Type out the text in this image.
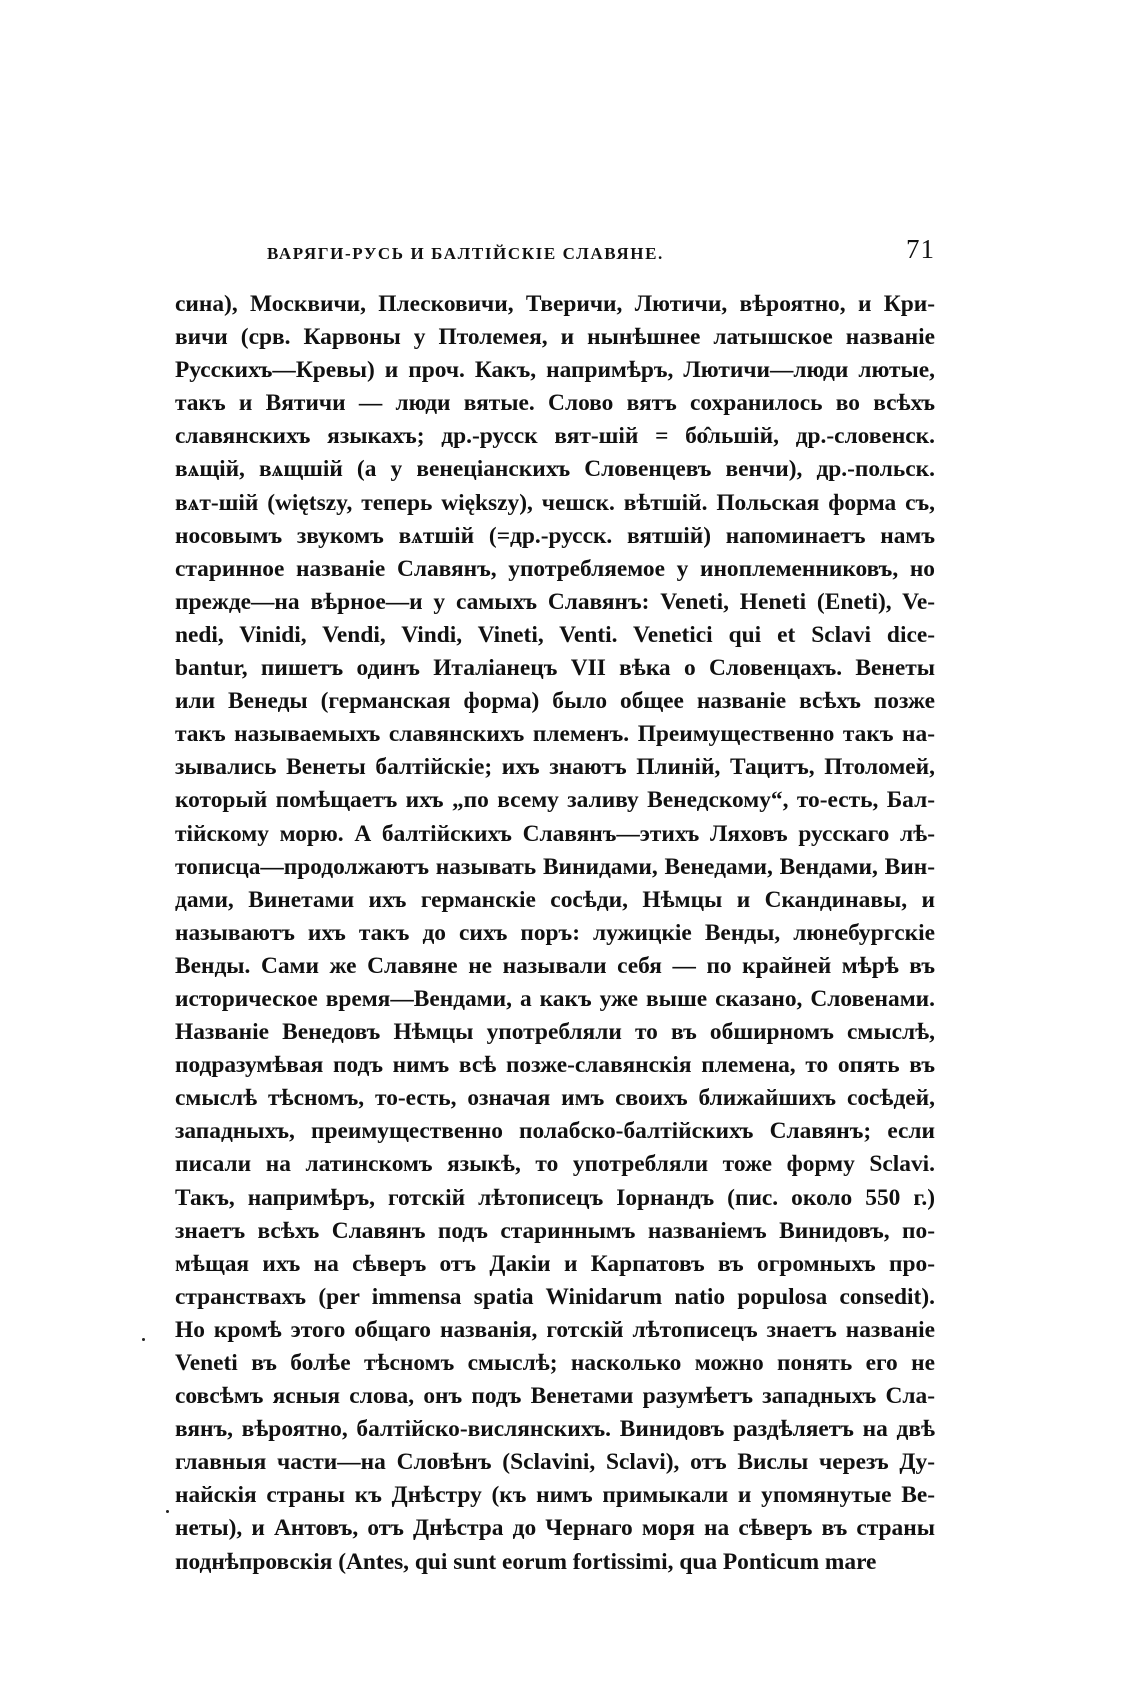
ВАРЯГИ-РУСЬ И БАЛТІЙСКІЕ СЛАВЯНЕ.	71
сина), Москвичи, Плесковичи, Тверичи, Лютичи, вѣроятно, и Кри-
вичи (срв. Карвоны у Птолемея, и нынѣшнее латышское названіе
Русскихъ—Кревы) и проч. Какъ, напримѣръ, Лютичи—люди лютые,
такъ и Вятичи — люди вятые. Слово вятъ сохранилось во всѣхъ
славянскихъ языкахъ; др.-русск вят-шій = бо̂льшій, др.-словенск.
вѧщій, вѧщшій (а у венеціанскихъ Словенцевъ венчи), др.-польск.
вѧт-шій (więtszy, теперь większy), чешск. вѣтшій. Польская форма съ,
носовымъ звукомъ вѧтшій (=др.-русск. вятшій) напоминаетъ намъ
старинное названіе Славянъ, употребляемое у иноплеменниковъ, но
прежде—на вѣрное—и у самыхъ Славянъ: Veneti, Heneti (Eneti), Ve-
nedi, Vinidi, Vendi, Vindi, Vineti, Venti. Venetici qui et Sclavi dice-
bantur, пишетъ одинъ Италіанецъ VII вѣка о Словенцахъ. Венеты
или Венеды (германская форма) было общее названіе всѣхъ позже
такъ называемыхъ славянскихъ племенъ. Преимущественно такъ на-
зывались Венеты балтійскіе; ихъ знаютъ Плиній, Тацитъ, Птоломей,
который помѣщаетъ ихъ „по всему заливу Венедскому“, то-есть, Бал-
тійскому морю. А балтійскихъ Славянъ—этихъ Ляховъ русскаго лѣ-
тописца—продолжаютъ называть Винидами, Венедами, Вендами, Вин-
дами, Винетами ихъ германскіе сосѣди, Нѣмцы и Скандинавы, и
называютъ ихъ такъ до сихъ поръ: лужицкіе Венды, люнебургскіе
Венды. Сами же Славяне не называли себя — по крайней мѣрѣ въ
историческое время—Вендами, а какъ уже выше сказано, Словенами.
Названіе Венедовъ Нѣмцы употребляли то въ обширномъ смыслѣ,
подразумѣвая подъ нимъ всѣ позже-славянскія племена, то опять въ
смыслѣ тѣсномъ, то-есть, означая имъ своихъ ближайшихъ сосѣдей,
западныхъ, преимущественно полабско-балтійскихъ Славянъ; если
писали на латинскомъ языкѣ, то употребляли тоже форму Sclavi.
Такъ, напримѣръ, готскій лѣтописецъ Іорнандъ (пис. около 550 г.)
знаетъ всѣхъ Славянъ подъ стариннымъ названіемъ Винидовъ, по-
мѣщая ихъ на сѣверъ отъ Дакіи и Карпатовъ въ огромныхъ про-
странствахъ (per immensa spatia Winidarum natio populosa consedit).
Но кромѣ этого общаго названія, готскій лѣтописецъ знаетъ названіе
Veneti въ болѣе тѣсномъ смыслѣ; насколько можно понять его не
совсѣмъ ясныя слова, онъ подъ Венетами разумѣетъ западныхъ Сла-
вянъ, вѣроятно, балтійско-вислянскихъ. Винидовъ раздѣляетъ на двѣ
главныя части—на Словѣнъ (Sclavini, Sclavi), отъ Вислы черезъ Ду-
найскія страны къ Днѣстру (къ нимъ примыкали и упомянутые Ве-
неты), и Антовъ, отъ Днѣстра до Чернаго моря на сѣверъ въ страны
поднѣпровскія (Antes, qui sunt eorum fortissimi, qua Ponticum mare
